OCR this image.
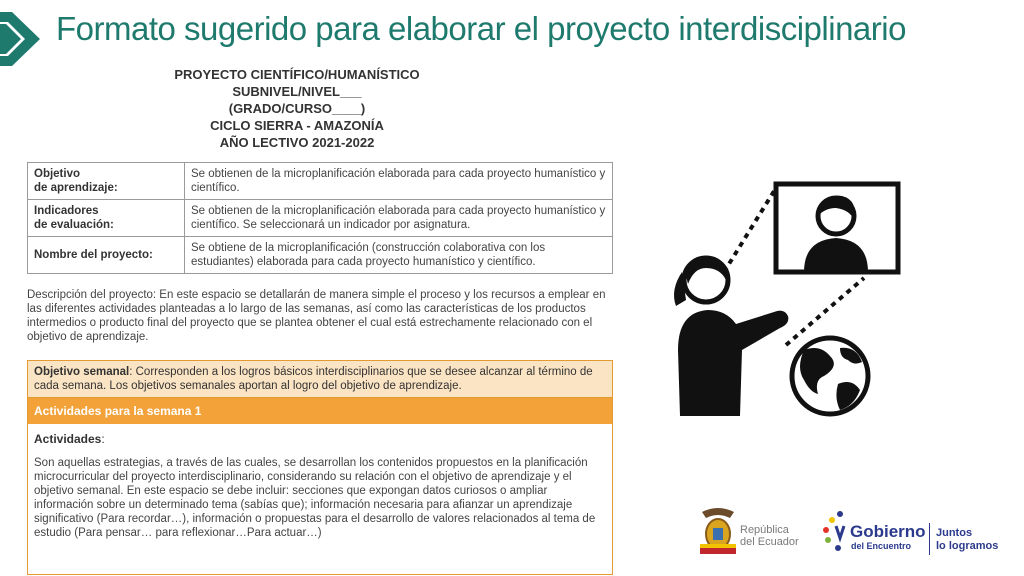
Formato sugerido para elaborar el proyecto interdisciplinario
PROYECTO CIENTÍFICO/HUMANÍSTICO
SUBNIVEL/NIVEL___
(GRADO/CURSO____)
CICLO SIERRA - AMAZONÍA
AÑO LECTIVO 2021-2022
Objetivo
de aprendizaje:	Se obtienen de la microplanificación elaborada para cada proyecto humanístico y científico.

Indicadores
de evaluación:	Se obtienen de la microplanificación elaborada para cada proyecto humanístico y científico. Se seleccionará un indicador por asignatura.

Nombre del proyecto:	Se obtiene de la microplanificación (construcción colaborativa con los estudiantes) elaborada para cada proyecto humanístico y científico.
Descripción del proyecto: En este espacio se detallarán de manera simple el proceso y los recursos a emplear en las diferentes actividades planteadas a lo largo de las semanas, así como las características de los productos intermedios o producto final del proyecto que se plantea obtener el cual está estrechamente relacionado con el objetivo de aprendizaje.
Objetivo semanal: Corresponden a los logros básicos interdisciplinarios que se desee alcanzar al término de cada semana. Los objetivos semanales aportan al logro del objetivo de aprendizaje.
Actividades para la semana 1
Actividades:
Son aquellas estrategias, a través de las cuales, se desarrollan los contenidos propuestos en la planificación microcurricular del proyecto interdisciplinario, considerando su relación con el objetivo de aprendizaje y el objetivo semanal. En este espacio se debe incluir: secciones que expongan datos curiosos o ampliar información sobre un determinado tema (sabías que); información necesaria para afianzar un aprendizaje significativo (Para recordar…), información o propuestas para el desarrollo de valores relacionados al tema de estudio (Para pensar… para reflexionar…Para actuar…)	República
del Ecuador
Gobierno
del Encuentro
Juntos
lo logramos
